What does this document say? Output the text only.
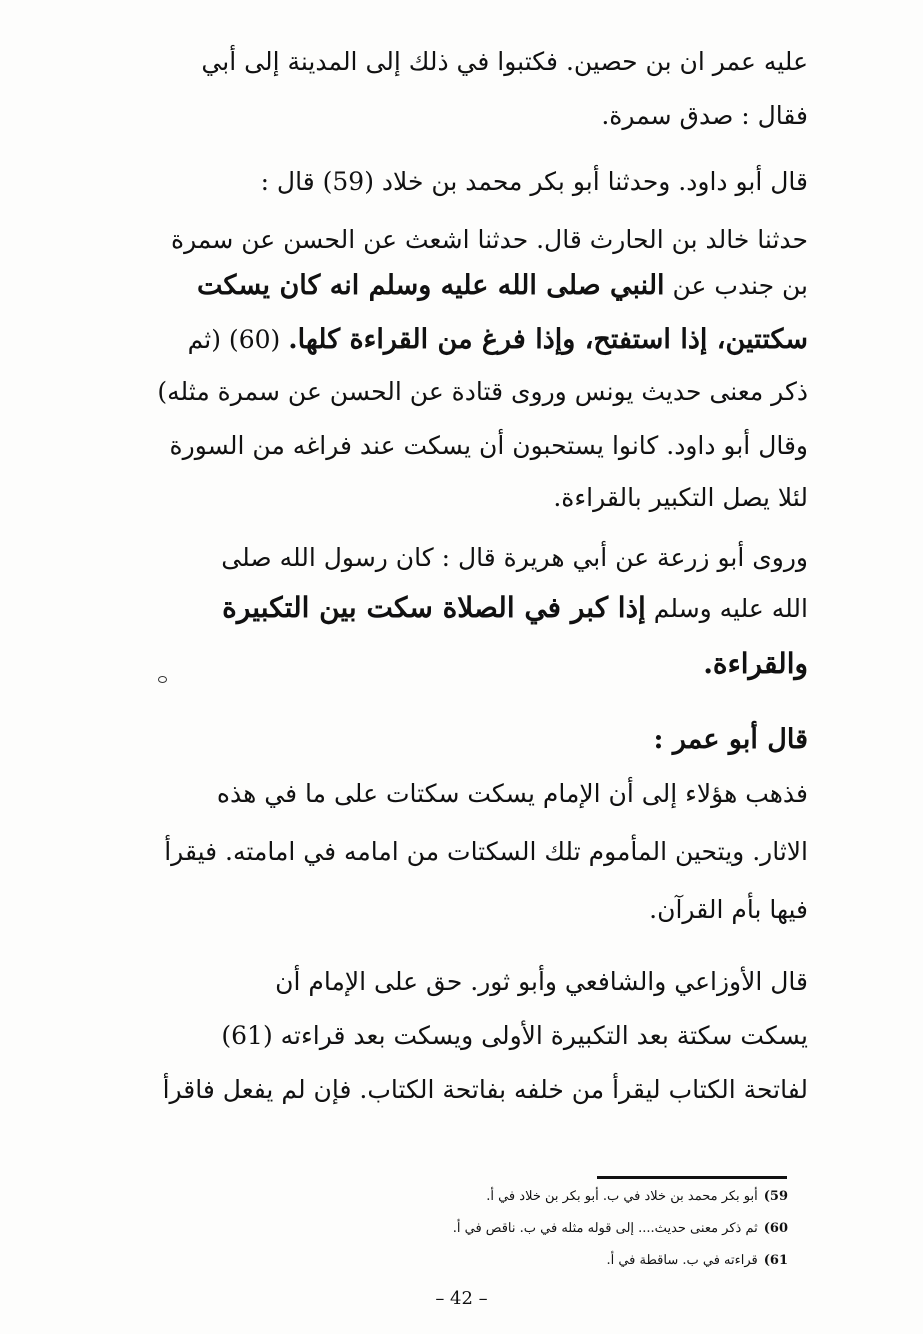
عليه عمر ان بن حصين. فكتبوا في ذلك إلى المدينة إلى أبي
فقال : صدق سمرة.
قال أبو داود. وحدثنا أبو بكر محمد بن خلاد (59) قال :
حدثنا خالد بن الحارث قال. حدثنا اشعث عن الحسن عن سمرة
بن جندب عن النبي صلى الله عليه وسلم انه كان يسكت
سكتتين، إذا استفتح، وإذا فرغ من القراءة كلها. (60) (ثم
ذكر معنى حديث يونس وروى قتادة عن الحسن عن سمرة مثله)
وقال أبو داود. كانوا يستحبون أن يسكت عند فراغه من السورة
لئلا يصل التكبير بالقراءة.
وروى أبو زرعة عن أبي هريرة قال : كان رسول الله صلى
الله عليه وسلم إذا كبر في الصلاة سكت بين التكبيرة
والقراءة.
قال أبو عمر :
فذهب هؤلاء إلى أن الإمام يسكت سكتات على ما في هذه
الاثار. ويتحين المأموم تلك السكتات من امامه في امامته. فيقرأ
فيها بأم القرآن.
قال الأوزاعي والشافعي وأبو ثور. حق على الإمام أن
يسكت سكتة بعد التكبيرة الأولى ويسكت بعد قراءته (61)
لفاتحة الكتاب ليقرأ من خلفه بفاتحة الكتاب. فإن لم يفعل فاقرأ
59)أبو بكر محمد بن خلاد في ب. أبو بكر بن خلاد في أ.
60)ثم ذكر معنى حديث.... إلى قوله مثله في ب. ناقص في أ.
61)قراءته في ب. ساقطة في أ.
– 42 –
